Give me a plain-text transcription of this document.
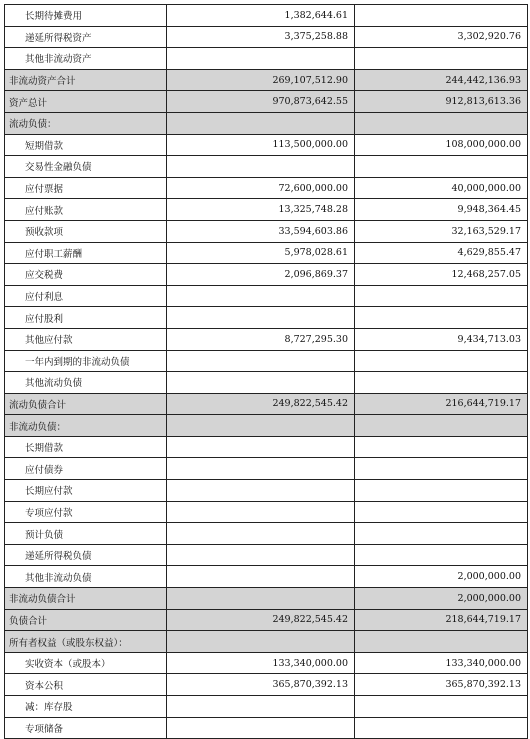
长期待摊费用	1,382,644.61	
递延所得税资产	3,375,258.88	3,302,920.76
其他非流动资产		
非流动资产合计	269,107,512.90	244,442,136.93
资产总计	970,873,642.55	912,813,613.36
流动负债：		
短期借款	113,500,000.00	108,000,000.00
交易性金融负债		
应付票据	72,600,000.00	40,000,000.00
应付账款	13,325,748.28	9,948,364.45
预收款项	33,594,603.86	32,163,529.17
应付职工薪酬	5,978,028.61	4,629,855.47
应交税费	2,096,869.37	12,468,257.05
应付利息		
应付股利		
其他应付款	8,727,295.30	9,434,713.03
一年内到期的非流动负债		
其他流动负债		
流动负债合计	249,822,545.42	216,644,719.17
非流动负债：		
长期借款		
应付债券		
长期应付款		
专项应付款		
预计负债		
递延所得税负债		
其他非流动负债		2,000,000.00
非流动负债合计		2,000,000.00
负债合计	249,822,545.42	218,644,719.17
所有者权益（或股东权益）：		
实收资本（或股本）	133,340,000.00	133,340,000.00
资本公积	365,870,392.13	365,870,392.13
减：库存股		
专项储备		
